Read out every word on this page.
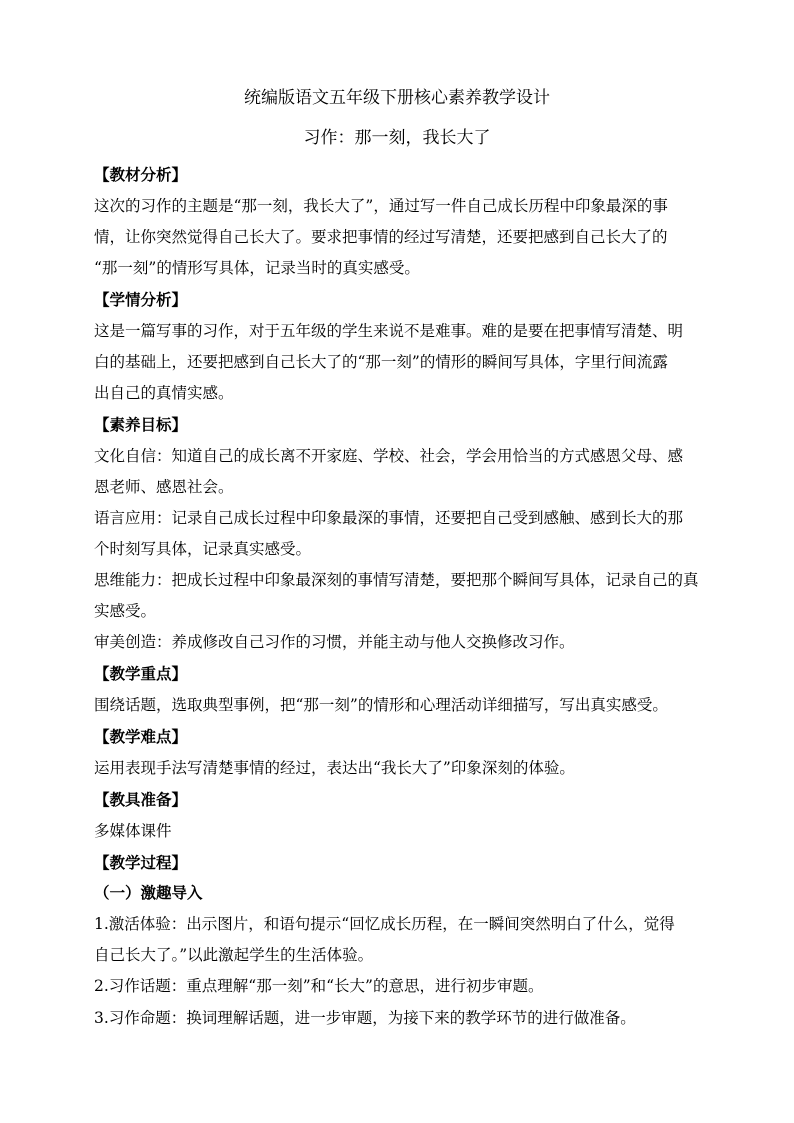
统编版语文五年级下册核心素养教学设计
习作：那一刻，我长大了
【教材分析】
这次的习作的主题是“那一刻，我长大了”，通过写一件自己成长历程中印象最深的事
情，让你突然觉得自己长大了。要求把事情的经过写清楚，还要把感到自己长大了的
“那一刻”的情形写具体，记录当时的真实感受。
【学情分析】
这是一篇写事的习作，对于五年级的学生来说不是难事。难的是要在把事情写清楚、明
白的基础上，还要把感到自己长大了的“那一刻”的情形的瞬间写具体，字里行间流露
出自己的真情实感。
【素养目标】
文化自信：知道自己的成长离不开家庭、学校、社会，学会用恰当的方式感恩父母、感
恩老师、感恩社会。
语言应用：记录自己成长过程中印象最深的事情，还要把自己受到感触、感到长大的那
个时刻写具体，记录真实感受。
思维能力：把成长过程中印象最深刻的事情写清楚，要把那个瞬间写具体，记录自己的真
实感受。
审美创造：养成修改自己习作的习惯，并能主动与他人交换修改习作。
【教学重点】
围绕话题，选取典型事例，把“那一刻”的情形和心理活动详细描写，写出真实感受。
【教学难点】
运用表现手法写清楚事情的经过，表达出“我长大了”印象深刻的体验。
【教具准备】
多媒体课件
【教学过程】
（一）激趣导入
1.激活体验：出示图片，和语句提示“回忆成长历程，在一瞬间突然明白了什么，觉得
自己长大了。”以此激起学生的生活体验。
2.习作话题：重点理解“那一刻”和“长大”的意思，进行初步审题。
3.习作命题：换词理解话题，进一步审题，为接下来的教学环节的进行做准备。
